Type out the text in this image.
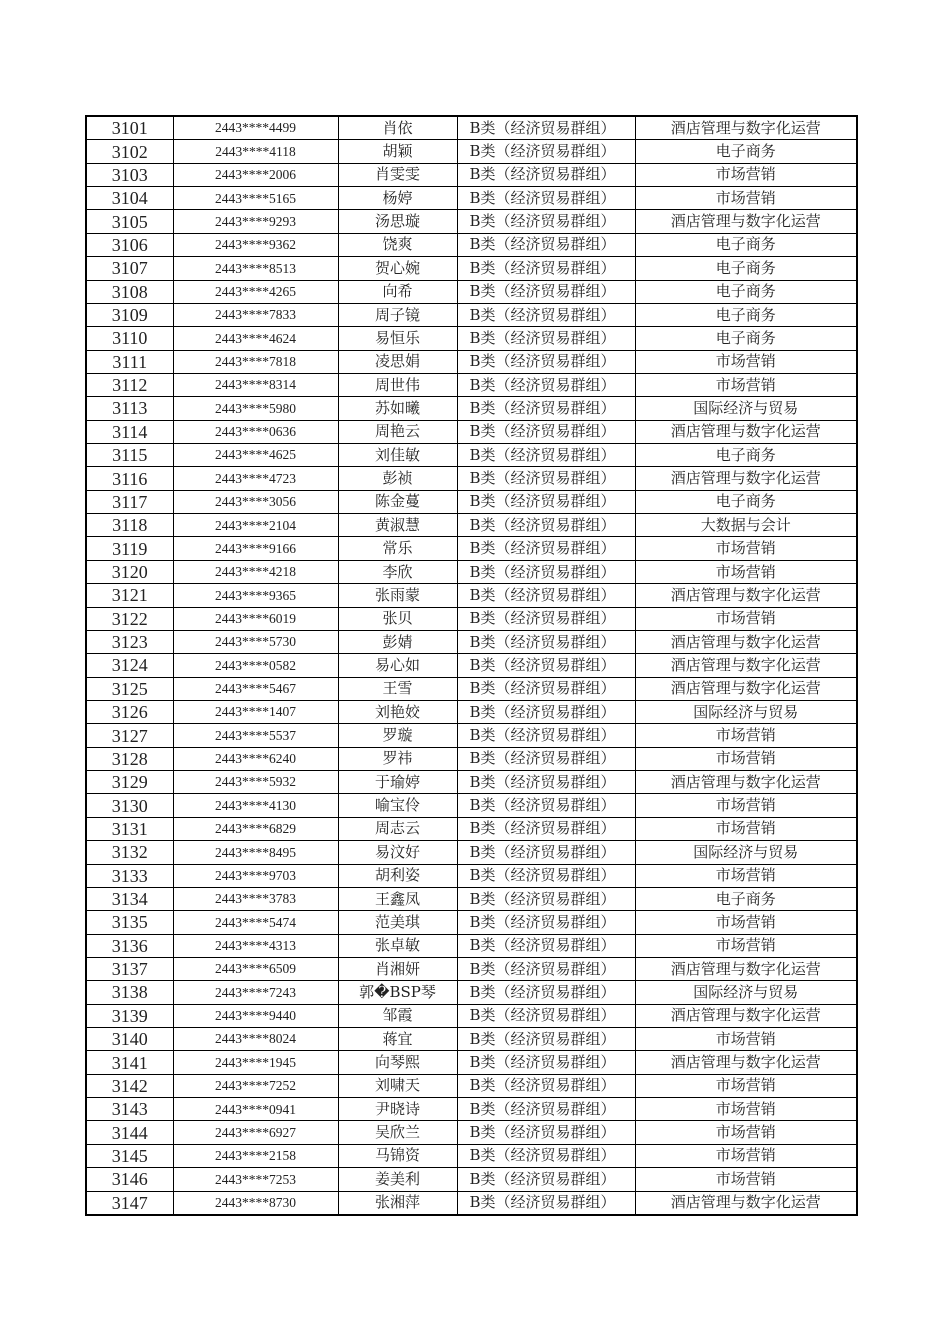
3101	2443****4499	肖依	B类（经济贸易群组）	酒店管理与数字化运营
3102	2443****4118	胡颖	B类（经济贸易群组）	电子商务
3103	2443****2006	肖雯雯	B类（经济贸易群组）	市场营销
3104	2443****5165	杨婷	B类（经济贸易群组）	市场营销
3105	2443****9293	汤思璇	B类（经济贸易群组）	酒店管理与数字化运营
3106	2443****9362	饶爽	B类（经济贸易群组）	电子商务
3107	2443****8513	贺心婉	B类（经济贸易群组）	电子商务
3108	2443****4265	向希	B类（经济贸易群组）	电子商务
3109	2443****7833	周子镜	B类（经济贸易群组）	电子商务
3110	2443****4624	易恒乐	B类（经济贸易群组）	电子商务
3111	2443****7818	凌思娟	B类（经济贸易群组）	市场营销
3112	2443****8314	周世伟	B类（经济贸易群组）	市场营销
3113	2443****5980	苏如曦	B类（经济贸易群组）	国际经济与贸易
3114	2443****0636	周艳云	B类（经济贸易群组）	酒店管理与数字化运营
3115	2443****4625	刘佳敏	B类（经济贸易群组）	电子商务
3116	2443****4723	彭祯	B类（经济贸易群组）	酒店管理与数字化运营
3117	2443****3056	陈金蔓	B类（经济贸易群组）	电子商务
3118	2443****2104	黄淑慧	B类（经济贸易群组）	大数据与会计
3119	2443****9166	常乐	B类（经济贸易群组）	市场营销
3120	2443****4218	李欣	B类（经济贸易群组）	市场营销
3121	2443****9365	张雨蒙	B类（经济贸易群组）	酒店管理与数字化运营
3122	2443****6019	张贝	B类（经济贸易群组）	市场营销
3123	2443****5730	彭婧	B类（经济贸易群组）	酒店管理与数字化运营
3124	2443****0582	易心如	B类（经济贸易群组）	酒店管理与数字化运营
3125	2443****5467	王雪	B类（经济贸易群组）	酒店管理与数字化运营
3126	2443****1407	刘艳姣	B类（经济贸易群组）	国际经济与贸易
3127	2443****5537	罗璇	B类（经济贸易群组）	市场营销
3128	2443****6240	罗祎	B类（经济贸易群组）	市场营销
3129	2443****5932	于瑜婷	B类（经济贸易群组）	酒店管理与数字化运营
3130	2443****4130	喻宝伶	B类（经济贸易群组）	市场营销
3131	2443****6829	周志云	B类（经济贸易群组）	市场营销
3132	2443****8495	易汶好	B类（经济贸易群组）	国际经济与贸易
3133	2443****9703	胡利姿	B类（经济贸易群组）	市场营销
3134	2443****3783	王鑫凤	B类（经济贸易群组）	电子商务
3135	2443****5474	范美琪	B类（经济贸易群组）	市场营销
3136	2443****4313	张卓敏	B类（经济贸易群组）	市场营销
3137	2443****6509	肖湘妍	B类（经济贸易群组）	酒店管理与数字化运营
3138	2443****7243	郭�BSP琴	B类（经济贸易群组）	国际经济与贸易
3139	2443****9440	邹霞	B类（经济贸易群组）	酒店管理与数字化运营
3140	2443****8024	蒋宜	B类（经济贸易群组）	市场营销
3141	2443****1945	向琴熙	B类（经济贸易群组）	酒店管理与数字化运营
3142	2443****7252	刘啸天	B类（经济贸易群组）	市场营销
3143	2443****0941	尹晓诗	B类（经济贸易群组）	市场营销
3144	2443****6927	吴欣兰	B类（经济贸易群组）	市场营销
3145	2443****2158	马锦资	B类（经济贸易群组）	市场营销
3146	2443****7253	姜美利	B类（经济贸易群组）	市场营销
3147	2443****8730	张湘萍	B类（经济贸易群组）	酒店管理与数字化运营
